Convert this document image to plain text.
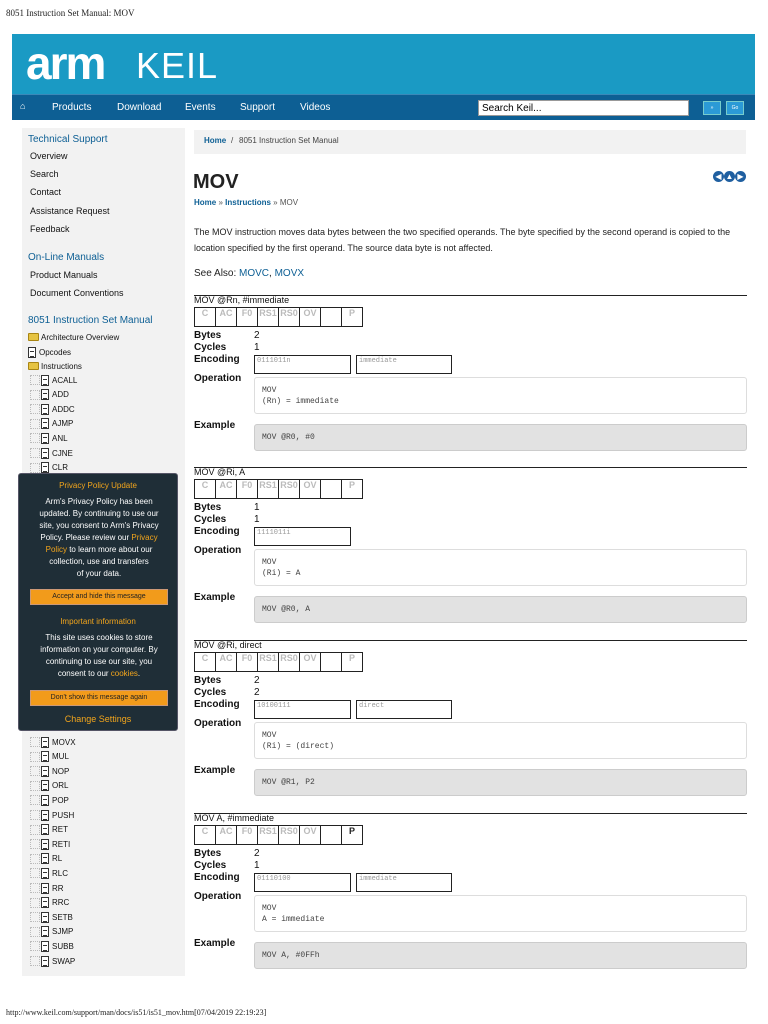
8051 Instruction Set Manual: MOV
arm KEIL
⌂	Products	Download Events Support Videos
Search Keil...	»	Go
Technical Support
Overview
Search
Contact
Assistance Request
Feedback
On-Line Manuals
Product Manuals
Document Conventions
8051 Instruction Set Manual
Architecture Overview
Opcodes
Instructions
ACALL
ADD
ADDC
AJMP
ANL
CJNE
CLR
MOVX
MUL
NOP
ORL
POP
PUSH
RET
RETI
RL
RLC
RR
RRC
SETB
SJMP
SUBB
SWAP
Privacy Policy Update
Arm's Privacy Policy has been
updated. By continuing to use our
site, you consent to Arm's Privacy
Policy. Please review our Privacy
Policy to learn more about our
collection, use and transfers
of your data.
Accept and hide this message
Important information
This site uses cookies to store
information on your computer. By
continuing to use our site, you
consent to our cookies.
Don't show this message again
Change Settings
Home / 8051 Instruction Set Manual
MOV	◀ ▲ ▶
Home » Instructions » MOV
The MOV instruction moves data bytes between the two specified operands. The byte specified by the second operand is copied to the location specified by the first operand. The source data byte is not affected.
See Also: MOVC, MOVX
MOV @Rn, #immediate
C	AC	F0 RS1 RS0 OV	P
Bytes	2
Cycles	1
Encoding	0111011n	immediate
Operation
MOV
(Rn) = immediate
Example
MOV @R0, #0
MOV @Ri, A
C	AC	F0 RS1 RS0 OV	P
Bytes	1
Cycles	1
Encoding	1111011i
Operation
MOV
(Ri) = A
Example
MOV @R0, A
MOV @Ri, direct
C	AC	F0 RS1 RS0 OV	P
Bytes	2
Cycles	2
Encoding	10100111	direct
Operation
MOV
(Ri) = (direct)
Example
MOV @R1, P2
MOV A, #immediate
C	AC	F0 RS1 RS0 OV	P
Bytes	2
Cycles	1
Encoding	01110100	immediate
Operation
MOV
A = immediate
Example
MOV A, #0FFh
http://www.keil.com/support/man/docs/is51/is51_mov.htm[07/04/2019 22:19:23]
